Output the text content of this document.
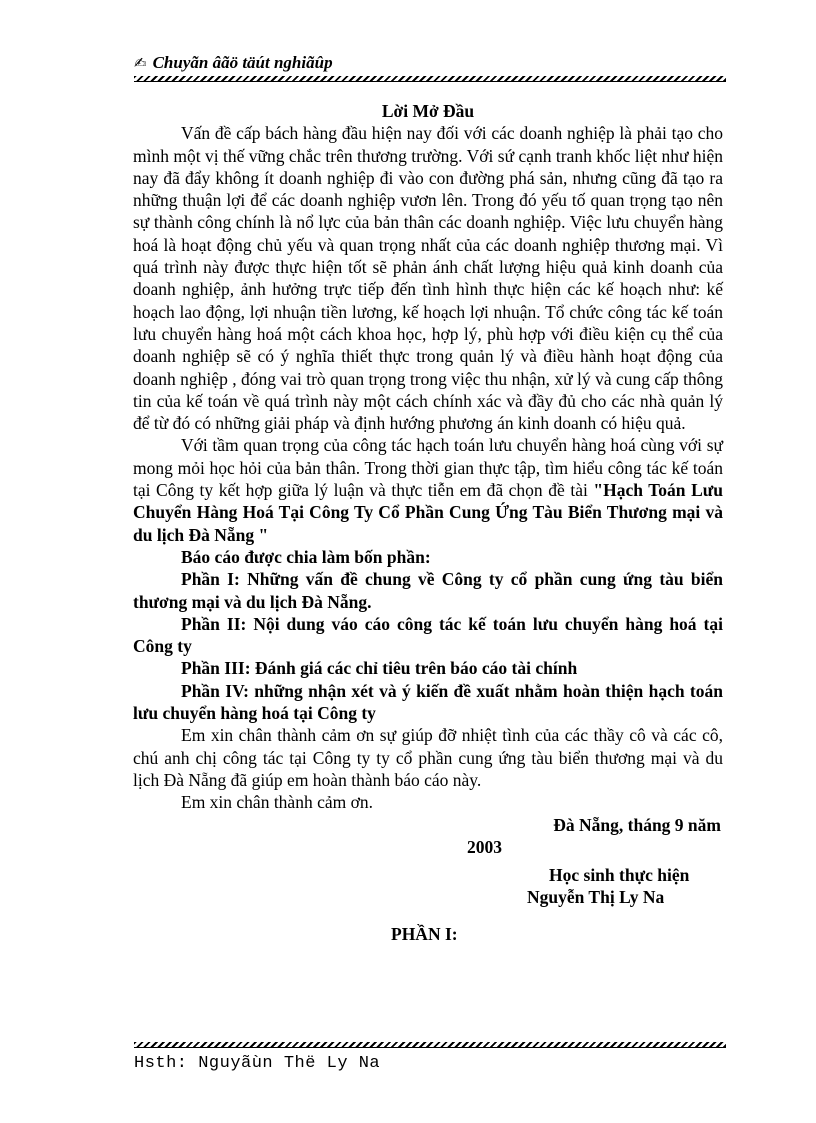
✍ Chuyãn âãö täút nghiãûp

Lời Mở Đầu

Vấn đề cấp bách hàng đầu hiện nay đối với các doanh nghiệp là phải tạo cho mình một vị thế vững chắc trên thương trường. Với sứ cạnh tranh khốc liệt như hiện nay đã đẩy không ít doanh nghiệp đi vào con đường phá sản, nhưng cũng đã tạo ra những thuận lợi để các doanh nghiệp vươn lên. Trong đó yếu tố quan trọng tạo nên sự thành công chính là nổ lực của bản thân các doanh nghiệp. Việc lưu chuyển hàng hoá là hoạt động chủ yếu và quan trọng nhất của các doanh nghiệp thương mại. Vì quá trình này được thực hiện tốt sẽ phản ánh chất lượng hiệu quả kinh doanh của doanh nghiệp, ảnh hưởng trực tiếp đến tình hình thực hiện các kế hoạch như: kế hoạch lao động, lợi nhuận tiền lương, kế hoạch lợi nhuận. Tổ chức công tác kế toán lưu chuyển hàng hoá một cách khoa học, hợp lý, phù hợp với điều kiện cụ thể của doanh nghiệp sẽ có ý nghĩa thiết thực trong quản lý và điều hành hoạt động của doanh nghiệp , đóng vai trò quan trọng trong việc thu nhận, xử lý và cung cấp thông tin của kế toán về quá trình này một cách chính xác và đầy đủ cho các nhà quản lý để từ đó có những giải pháp và định hướng phương án kinh doanh có hiệu quả.

Với tầm quan trọng của công tác hạch toán lưu chuyển hàng hoá cùng với sự mong mỏi học hỏi của bản thân. Trong thời gian thực tập, tìm hiểu công tác kế toán tại Công ty kết hợp giữa lý luận và thực tiễn em đã chọn đề tài "Hạch Toán Lưu Chuyển Hàng Hoá Tại Công Ty Cổ Phần Cung Ứng Tàu Biển Thương mại và du lịch Đà Nẵng "

Báo cáo được chia làm bốn phần:

Phần I: Những vấn đề chung về Công ty cổ phần cung ứng tàu biển thương mại và du lịch Đà Nẵng.

Phần II: Nội dung váo cáo công tác kế toán lưu chuyển hàng hoá tại Công ty

Phần III: Đánh giá các chỉ tiêu trên báo cáo tài chính

Phần IV: những nhận xét và ý kiến đề xuất nhằm hoàn thiện hạch toán lưu chuyển hàng hoá tại Công ty

Em xin chân thành cảm ơn sự giúp đỡ nhiệt tình của các thầy cô và các cô, chú anh chị công tác tại Công ty ty cổ phần cung ứng tàu biển thương mại và du lịch Đà Nẵng đã giúp em hoàn thành báo cáo này.

Em xin chân thành cảm ơn.

Đà Nẵng, tháng 9 năm

2003

Học sinh thực hiện

Nguyễn Thị Ly Na

PHẦN I:

Hsth: Nguyãùn Thë Ly Na
